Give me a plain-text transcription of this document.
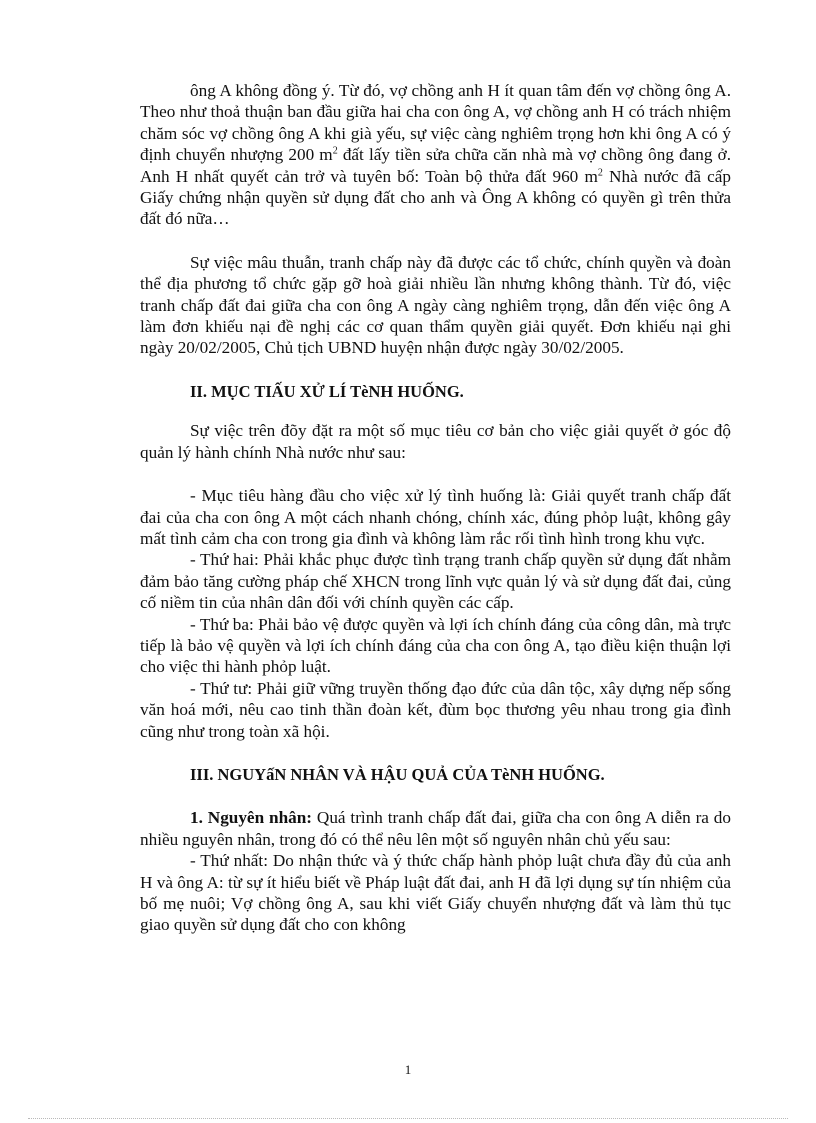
ông A không đồng ý. Từ đó, vợ chồng anh H ít quan tâm đến vợ chồng ông A. Theo như thoả thuận ban đầu giữa hai cha con ông A, vợ chồng anh H có trách nhiệm chăm sóc vợ chồng ông A khi già yếu, sự việc càng nghiêm trọng hơn khi ông A có ý định chuyển nhượng 200 $m^2$ đất lấy tiền sửa chữa căn nhà mà vợ chồng ông đang ở. Anh H nhất quyết cản trở và tuyên bố: Toàn bộ thửa đất 960 $m^2$ Nhà nước đã cấp Giấy chứng nhận quyền sử dụng đất cho anh và Ông A không có quyền gì trên thửa đất đó nữa…

Sự việc mâu thuẫn, tranh chấp này đã được các tổ chức, chính quyền và đoàn thể địa phương tổ chức gặp gỡ hoà giải nhiều lần nhưng không thành. Từ đó, việc tranh chấp đất đai giữa cha con ông A ngày càng nghiêm trọng, dẫn đến việc ông A làm đơn khiếu nại đề nghị các cơ quan thẩm quyền giải quyết. Đơn khiếu nại ghi ngày 20/02/2005, Chủ tịch UBND huyện nhận được ngày 30/02/2005.

II. MỤC TIẤU XỬ LÍ TèNH HUỐNG.

Sự việc trên đõy đặt ra một số mục tiêu cơ bản cho việc giải quyết ở góc độ quản lý hành chính Nhà nước như sau:

- Mục tiêu hàng đầu cho việc xử lý tình huống là: Giải quyết tranh chấp đất đai của cha con ông A một cách nhanh chóng, chính xác, đúng phỏp luật, không gây mất tình cảm cha con trong gia đình và không làm rắc rối tình hình trong khu vực.

- Thứ hai: Phải khắc phục được tình trạng tranh chấp quyền sử dụng đất nhằm đảm bảo tăng cường pháp chế XHCN trong lĩnh vực quản lý và sử dụng đất đai, củng cố niềm tin của nhân dân đối với chính quyền các cấp.

- Thứ ba: Phải bảo vệ được quyền và lợi ích chính đáng của công dân, mà trực tiếp là bảo vệ quyền và lợi ích chính đáng của cha con ông A, tạo điều kiện thuận lợi cho việc thi hành phỏp luật.

- Thứ tư: Phải giữ vững truyền thống đạo đức của dân tộc, xây dựng nếp sống văn hoá mới, nêu cao tinh thần đoàn kết, đùm bọc thương yêu nhau trong gia đình cũng như trong toàn xã hội.

III. NGUYấN NHÂN VÀ HẬU QUẢ CỦA TèNH HUỐNG.

1. Nguyên nhân: Quá trình tranh chấp đất đai, giữa cha con ông A diễn ra do nhiều nguyên nhân, trong đó có thể nêu lên một số nguyên nhân chủ yếu sau:

- Thứ nhất: Do nhận thức và ý thức chấp hành phỏp luật chưa đầy đủ của anh H và ông A: từ sự ít hiểu biết về Pháp luật đất đai, anh H đã lợi dụng sự tín nhiệm của bố mẹ nuôi; Vợ chồng ông A, sau khi viết Giấy chuyển nhượng đất và làm thủ tục giao quyền sử dụng đất cho con không

1
